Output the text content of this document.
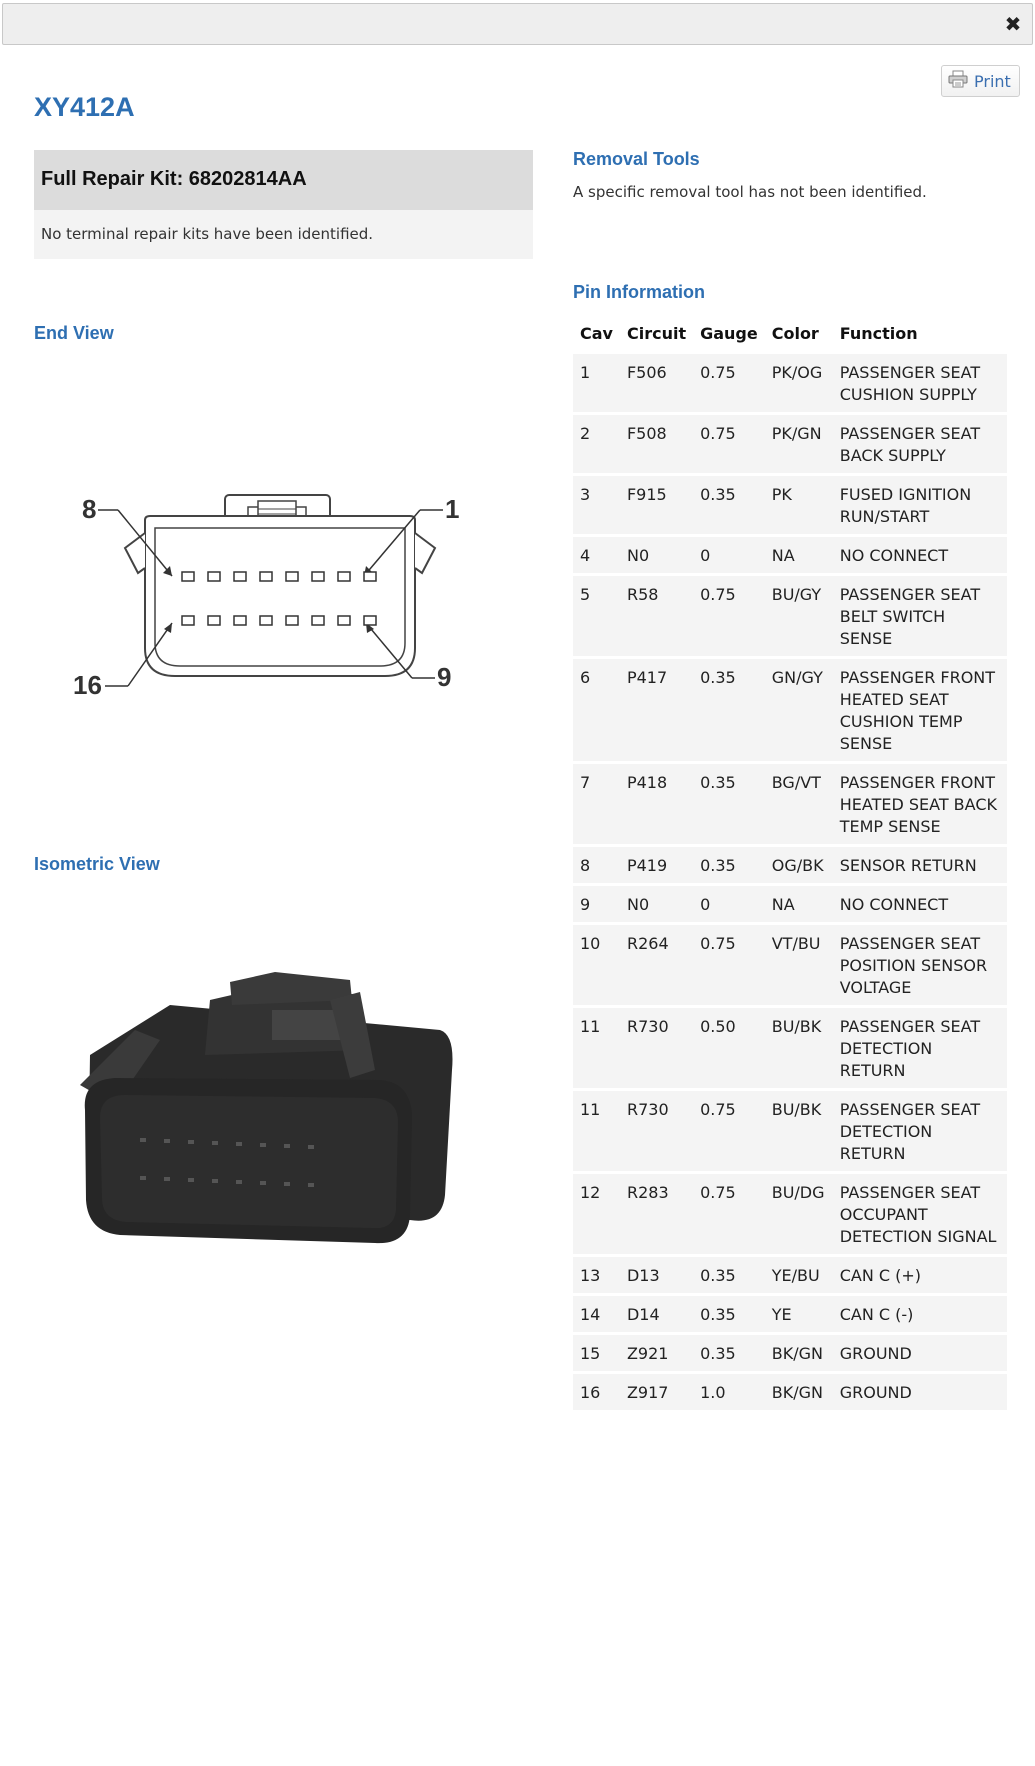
✖
Print
XY412A
Full Repair Kit: 68202814AA
No terminal repair kits have been identified.
Removal Tools
A specific removal tool has not been identified.
End View
8	1
16	9
Isometric View
Pin Information
Cav	Circuit	Gauge	Color	Function
1	F506	0.75	PK/OG	PASSENGER SEAT CUSHION SUPPLY
2	F508	0.75	PK/GN	PASSENGER SEAT BACK SUPPLY
3	F915	0.35	PK	FUSED IGNITION RUN/START
4	N0	0	NA	NO CONNECT
5	R58	0.75	BU/GY	PASSENGER SEAT BELT SWITCH SENSE
6	P417	0.35	GN/GY	PASSENGER FRONT HEATED SEAT CUSHION TEMP SENSE
7	P418	0.35	BG/VT	PASSENGER FRONT HEATED SEAT BACK TEMP SENSE
8	P419	0.35	OG/BK	SENSOR RETURN
9	N0	0	NA	NO CONNECT
10	R264	0.75	VT/BU	PASSENGER SEAT POSITION SENSOR VOLTAGE
11	R730	0.50	BU/BK	PASSENGER SEAT DETECTION RETURN
11	R730	0.75	BU/BK	PASSENGER SEAT DETECTION RETURN
12	R283	0.75	BU/DG	PASSENGER SEAT OCCUPANT DETECTION SIGNAL
13	D13	0.35	YE/BU	CAN C (+)
14	D14	0.35	YE	CAN C (-)
15	Z921	0.35	BK/GN	GROUND
16	Z917	1.0	BK/GN	GROUND
